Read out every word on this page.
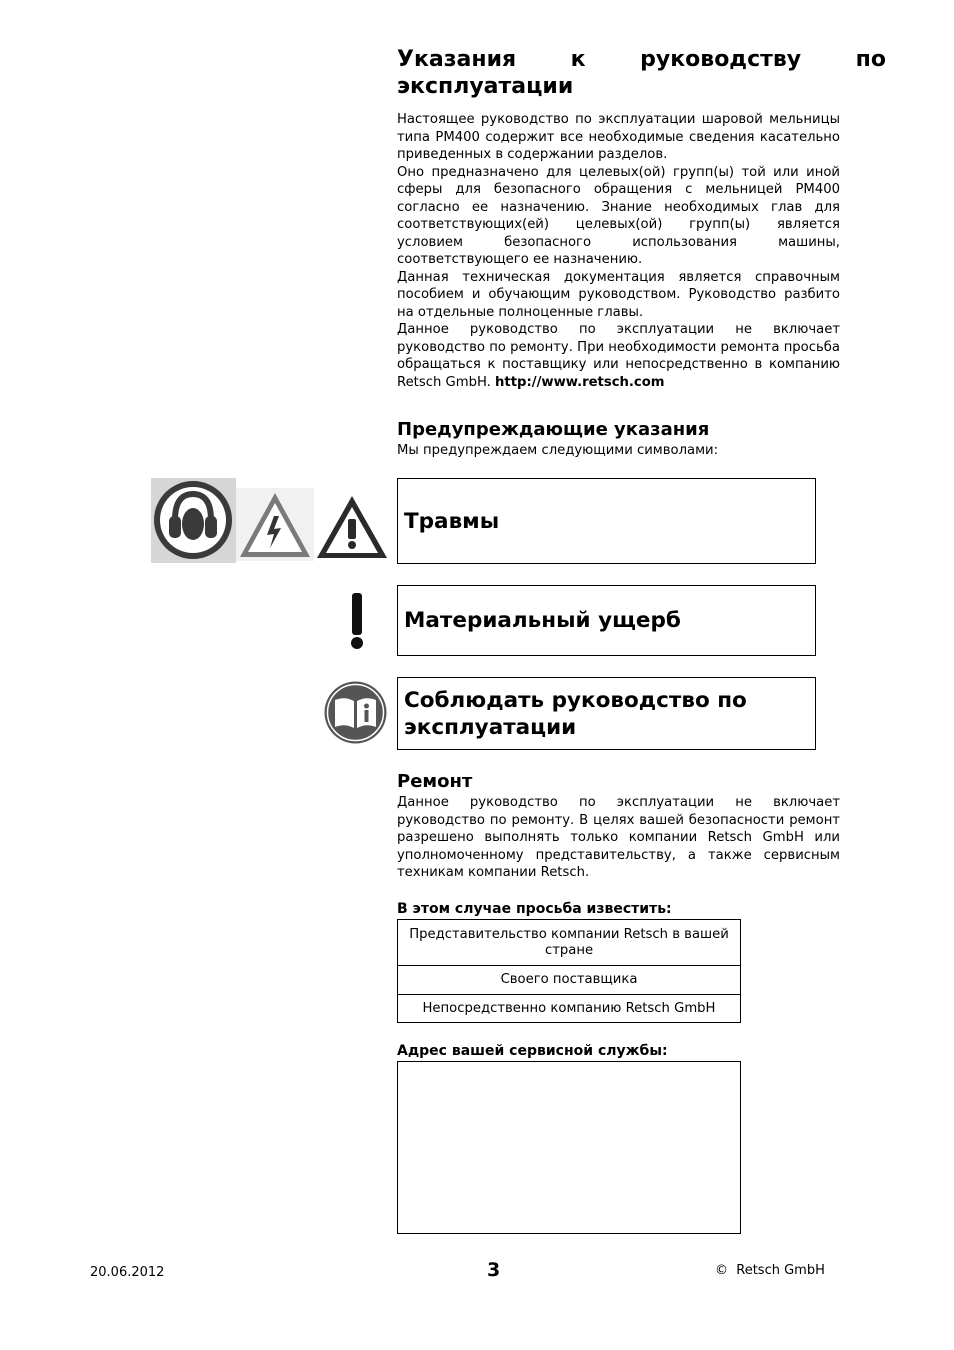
Указания к руководству по эксплуатации

Настоящее руководство по эксплуатации шаровой мельницы типа PM400 содержит все необходимые сведения касательно приведенных в содержании разделов.

Оно предназначено для целевых(ой) групп(ы) той или иной сферы для безопасного обращения с мельницей PM400 согласно ее назначению. Знание необходимых глав для соответствующих(ей) целевых(ой) групп(ы) является условием безопасного использования машины, соответствующего ее назначению.

Данная техническая документация является справочным пособием и обучающим руководством. Руководство разбито на отдельные полноценные главы.

Данное руководство по эксплуатации не включает руководство по ремонту. При необходимости ремонта просьба обращаться к поставщику или непосредственно в компанию Retsch GmbH. http://www.retsch.com

Предупреждающие указания
Мы предупреждаем следующими символами:
Травмы
Материальный ущерб
Соблюдать руководство по эксплуатации
Ремонт
Данное руководство по эксплуатации не включает руководство по ремонту. В целях вашей безопасности ремонт разрешено выполнять только компании Retsch GmbH или уполномоченному представительству, а также сервисным техникам компании Retsch.
В этом случае просьба известить:
Представительство компании Retsch в вашей стране
Своего поставщика
Непосредственно компанию Retsch GmbH
Адрес вашей сервисной службы:
20.06.2012	3	© Retsch GmbH
